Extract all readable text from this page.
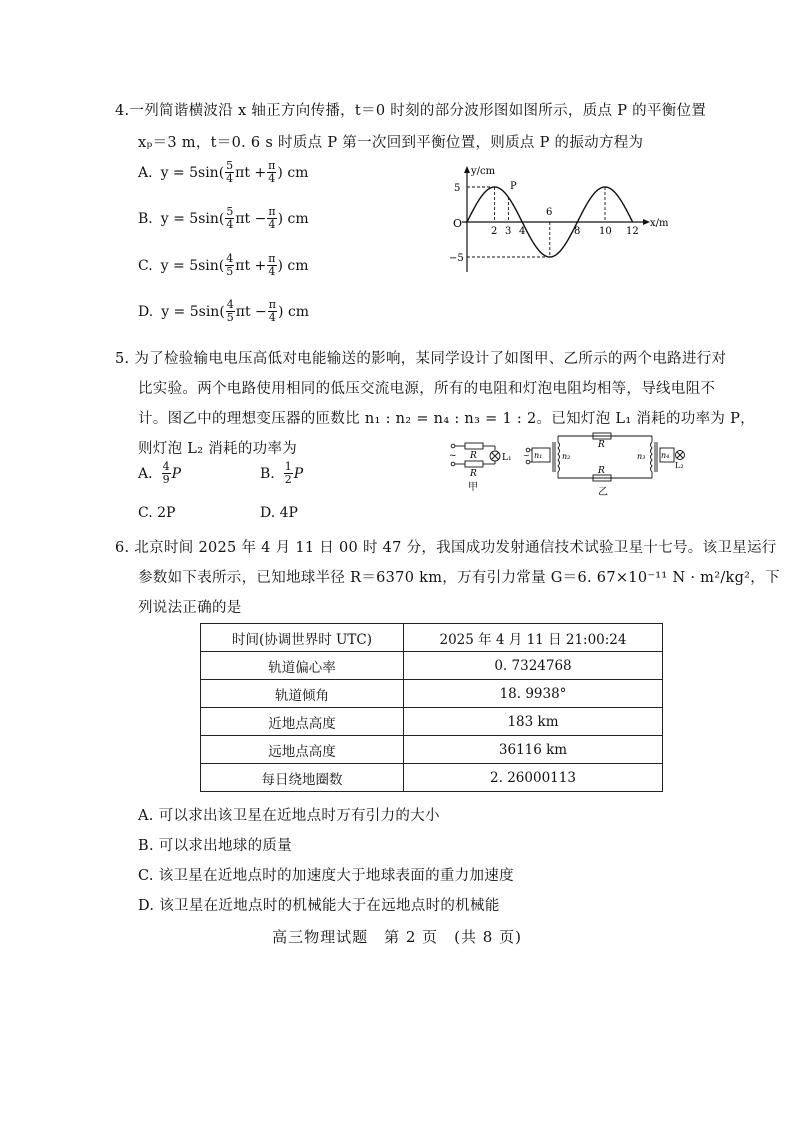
4.一列简谐横波沿 x 轴正方向传播，t＝0 时刻的部分波形图如图所示，质点 P 的平衡位置
xₚ＝3 m，t＝0. 6 s 时质点 P 第一次回到平衡位置，则质点 P 的振动方程为
A. $y = 5\sin( \frac{5}{4}$ $\pi t + \frac{\pi}{4}$ ) cm
B. $y = 5\sin( \frac{5}{4}$ $\pi t - \frac{\pi}{4}$ ) cm
C. $y = 5\sin( \frac{4}{5}$ $\pi t + \frac{\pi}{4}$ ) cm
D. $y = 5\sin( \frac{4}{5}$ $\pi t - \frac{\pi}{4}$ ) cm
y/cm
x/m
O
5
−5
P
2 3 4
6
8 10 12
5. 为了检验输电电压高低对电能输送的影响，某同学设计了如图甲、乙所示的两个电路进行对
比实验。两个电路使用相同的低压交流电源，所有的电阻和灯泡电阻均相等，导线电阻不
计。图乙中的理想变压器的匝数比 n₁ : n₂ = n₄ : n₃ = 1 : 2。已知灯泡 L₁ 消耗的功率为 P，
则灯泡 L₂ 消耗的功率为
A. $\frac{4}{9}$ P	B. $\frac{1}{2}$ P
C. 2P	D. 4P
~ R
R
L₁
甲
~ n₁ n₂	n₃ n₄
R
R
L₂
乙
6. 北京时间 2025 年 4 月 11 日 00 时 47 分，我国成功发射通信技术试验卫星十七号。该卫星运行
参数如下表所示，已知地球半径 R＝6370 km，万有引力常量 G＝6. 67×10⁻¹¹ N · m²/kg²，下
列说法正确的是
时间(协调世界时 UTC)	2025 年 4 月 11 日 21:00:24
轨道偏心率	0. 7324768
轨道倾角	18. 9938°
近地点高度	183 km
远地点高度	36116 km
每日绕地圈数	2. 26000113
A. 可以求出该卫星在近地点时万有引力的大小
B. 可以求出地球的质量
C. 该卫星在近地点时的加速度大于地球表面的重力加速度
D. 该卫星在近地点时的机械能大于在远地点时的机械能
高三物理试题　第 2 页　(共 8 页)
